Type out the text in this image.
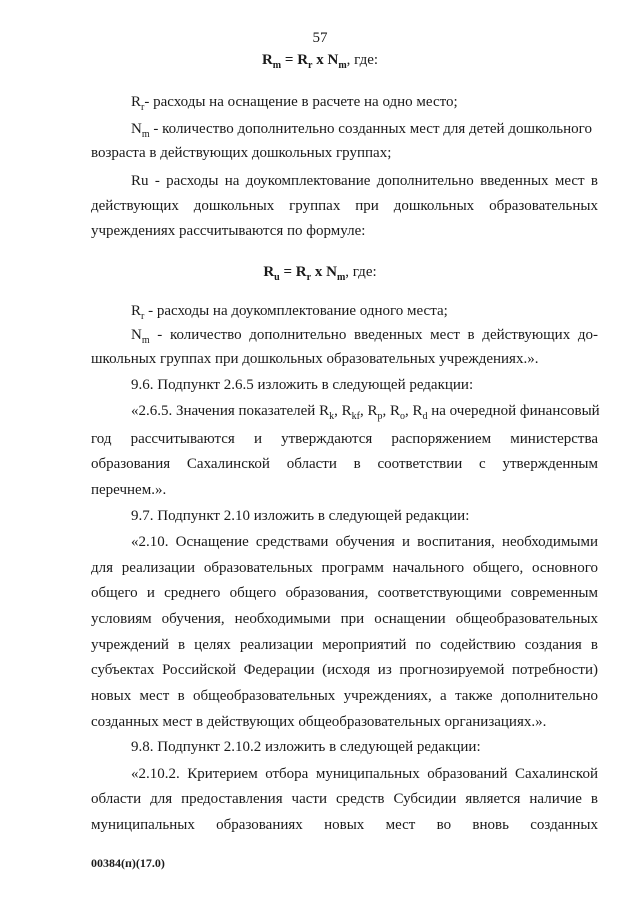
57
$R_m = R_r$ x $N_m$, где:
$R_r-$ расходы на оснащение в расчете на одно место;
$N_m$ - количество дополнительно созданных мест для детей дошкольного
возраста в действующих дошкольных группах;
Ru - расходы на доукомплектование дополнительно введенных мест в
действующих дошкольных группах при дошкольных образовательных
учреждениях рассчитываются по формуле:
$R_u = R_r$ x $N_m$, где:
$R_r$ - расходы на доукомплектование одного места;
$N_m$ - количество дополнительно введенных мест в действующих до-
школьных группах при дошкольных образовательных учреждениях.».
9.6. Подпункт 2.6.5 изложить в следующей редакции:
«2.6.5. Значения показателей $R_k$, $R_{kf}$, $R_p$, $R_o$, $R_d$ на очередной финансовый
год рассчитываются и утверждаются распоряжением министерства
образования Сахалинской области в соответствии с утвержденным
перечнем.».
9.7. Подпункт 2.10 изложить в следующей редакции:
«2.10. Оснащение средствами обучения и воспитания, необходимыми
для реализации образовательных программ начального общего, основного
общего и среднего общего образования, соответствующими современным
условиям обучения, необходимыми при оснащении общеобразовательных
учреждений в целях реализации мероприятий по содействию создания в
субъектах Российской Федерации (исходя из прогнозируемой потребности)
новых мест в общеобразовательных учреждениях, а также дополнительно
созданных мест в действующих общеобразовательных организациях.».
9.8. Подпункт 2.10.2 изложить в следующей редакции:
«2.10.2. Критерием отбора муниципальных образований Сахалинской
области для предоставления части средств Субсидии является наличие в
муниципальных образованиях новых мест во вновь созданных
00384(п)(17.0)
